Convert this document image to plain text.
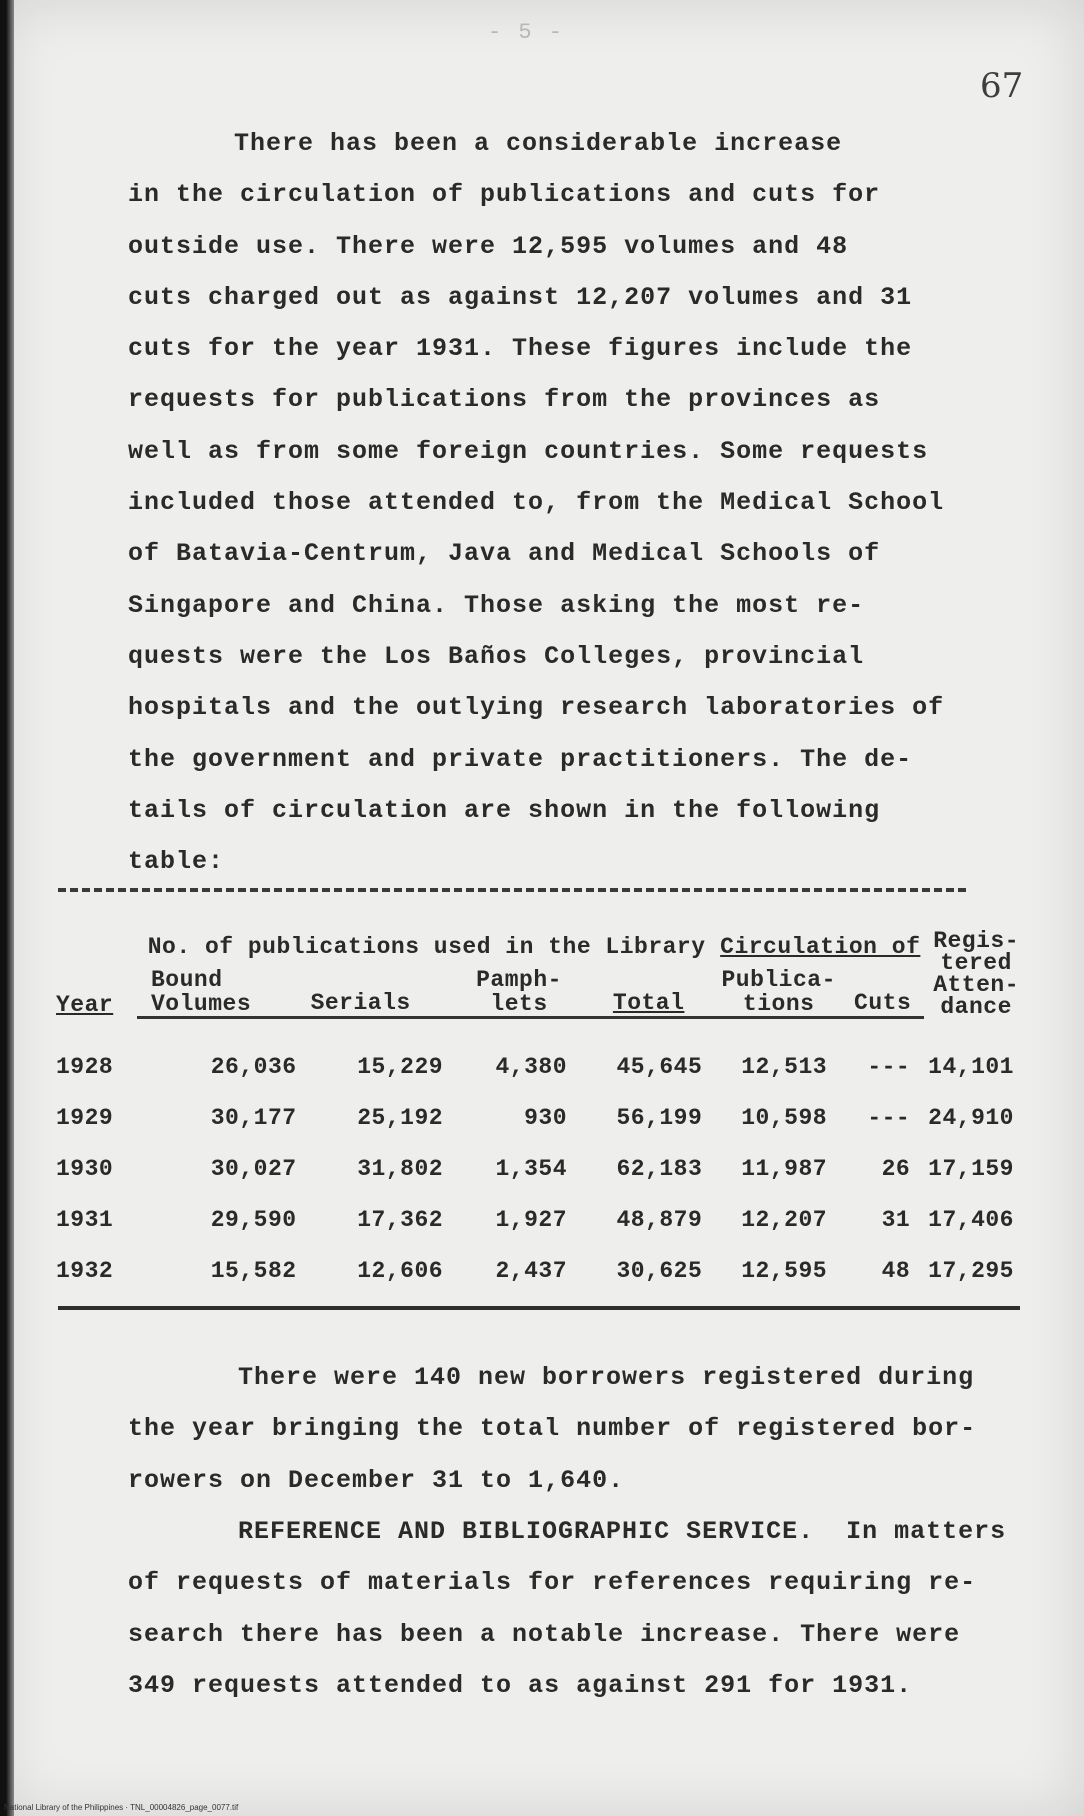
- 5 -
67
There has been a considerable increase
in the circulation of publications and cuts for
outside use. There were 12,595 volumes and 48
cuts charged out as against 12,207 volumes and 31
cuts for the year 1931. These figures include the
requests for publications from the provinces as
well as from some foreign countries. Some requests
included those attended to, from the Medical School
of Batavia-Centrum, Java and Medical Schools of
Singapore and China. Those asking the most re-
quests were the Los Baños Colleges, provincial
hospitals and the outlying research laboratories of
the government and private practitioners. The de-
tails of circulation are shown in the following
table:
Year	No. of publications used in the Library				Circulation of		Regis- tered Atten- dance
	Bound Volumes	Serials	Pamph- lets	Total	Publica- tions	Cuts	

1928	26,036	15,229	4,380	45,645	12,513	---	14,101
1929	30,177	25,192	930	56,199	10,598	---	24,910
1930	30,027	31,802	1,354	62,183	11,987	26	17,159
1931	29,590	17,362	1,927	48,879	12,207	31	17,406
1932	15,582	12,606	2,437	30,625	12,595	48	17,295
There were 140 new borrowers registered during
the year bringing the total number of registered bor-
rowers on December 31 to 1,640.
REFERENCE AND BIBLIOGRAPHIC SERVICE. In matters
of requests of materials for references requiring re-
search there has been a notable increase. There were
349 requests attended to as against 291 for 1931.
National Library of the Philippines · TNL_00004826_page_0077.tif
